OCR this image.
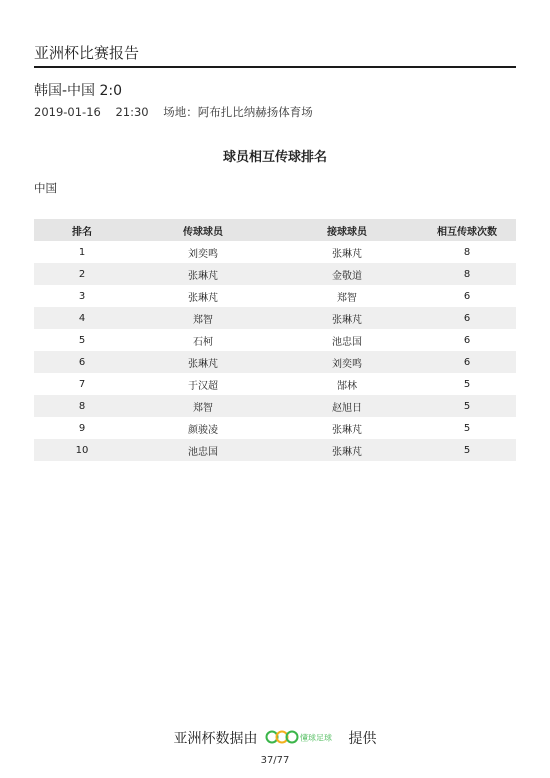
亚洲杯比赛报告
韩国-中国 2:0
2019-01-16    21:30    场地：阿布扎比纳赫扬体育场
球员相互传球排名
中国
排名	传球球员	接球球员	相互传球次数
1	刘奕鸣	张琳芃	8
2	张琳芃	金敬道	8
3	张琳芃	郑智	6
4	郑智	张琳芃	6
5	石柯	池忠国	6
6	张琳芃	刘奕鸣	6
7	于汉超	郜林	5
8	郑智	赵旭日	5
9	颜骏凌	张琳芃	5
10	池忠国	张琳芃	5
亚洲杯数据由	懂球足球 提供
37/77
